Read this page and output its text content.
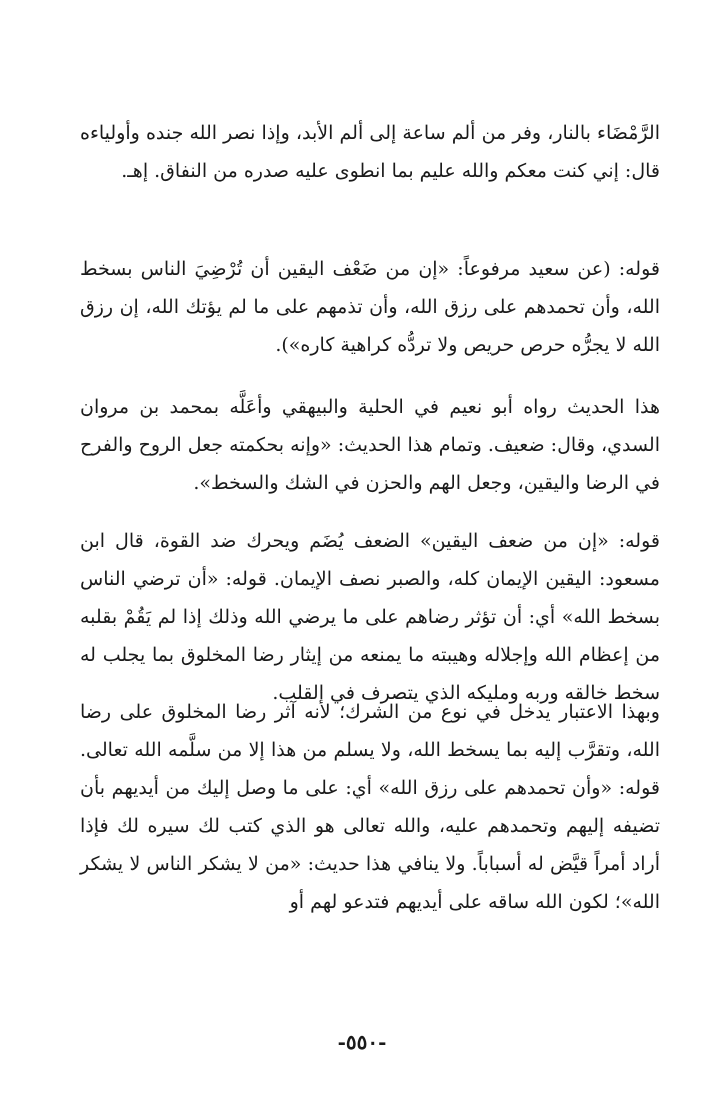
الرَّمْضَاء بالنار، وفر من ألم ساعة إلى ألم الأبد، وإذا نصر الله جنده وأولياءه قال: إني كنت معكم والله عليم بما انطوى عليه صدره من النفاق. إهـ.

قوله: (عن سعيد مرفوعاً: «إن من ضَعْف اليقين أن تُرْضِيَ الناس بسخط الله، وأن تحمدهم على رزق الله، وأن تذمهم على ما لم يؤتك الله، إن رزق الله لا يجرُّه حرص حريص ولا تردُّه كراهية كاره»).

هذا الحديث رواه أبو نعيم في الحلية والبيهقي وأعَلَّه بمحمد بن مروان السدي، وقال: ضعيف. وتمام هذا الحديث: «وإنه بحكمته جعل الروح والفرح في الرضا واليقين، وجعل الهم والحزن في الشك والسخط».

قوله: «إن من ضعف اليقين» الضعف يُضَم ويحرك ضد القوة، قال ابن مسعود: اليقين الإيمان كله، والصبر نصف الإيمان. قوله: «أن ترضي الناس بسخط الله» أي: أن تؤثر رضاهم على ما يرضي الله وذلك إذا لم يَقُمْ بقلبه من إعظام الله وإجلاله وهيبته ما يمنعه من إيثار رضا المخلوق بما يجلب له سخط خالقه وربه ومليكه الذي يتصرف في القلب.

وبهذا الاعتبار يدخل في نوع من الشرك؛ لأنه آثر رضا المخلوق على رضا الله، وتقرَّب إليه بما يسخط الله، ولا يسلم من هذا إلا من سلَّمه الله تعالى. قوله: «وأن تحمدهم على رزق الله» أي: على ما وصل إليك من أيديهم بأن تضيفه إليهم وتحمدهم عليه، والله تعالى هو الذي كتب لك سيره لك فإذا أراد أمراً قيَّض له أسباباً. ولا ينافي هذا حديث: «من لا يشكر الناس لا يشكر الله»؛ لكون الله ساقه على أيديهم فتدعو لهم أو

-٥٥٠-
